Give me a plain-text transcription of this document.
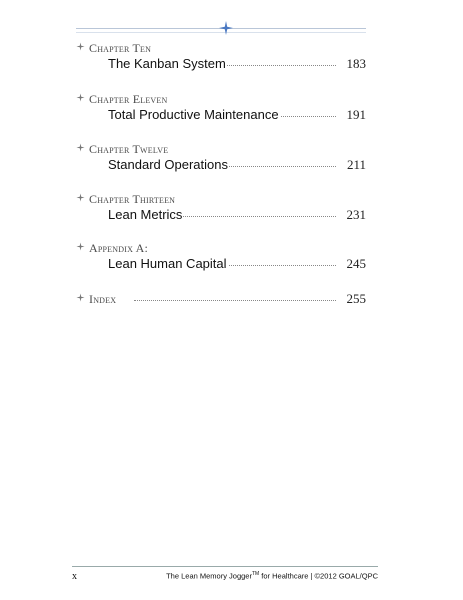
Chapter Ten
The Kanban System	183
Chapter Eleven
Total Productive Maintenance	191
Chapter Twelve
Standard Operations	211
Chapter Thirteen
Lean Metrics	231
Appendix A:
Lean Human Capital	245
Index	255
x	The Lean Memory Jogger™ for Healthcare | ©2012 GOAL/QPC
